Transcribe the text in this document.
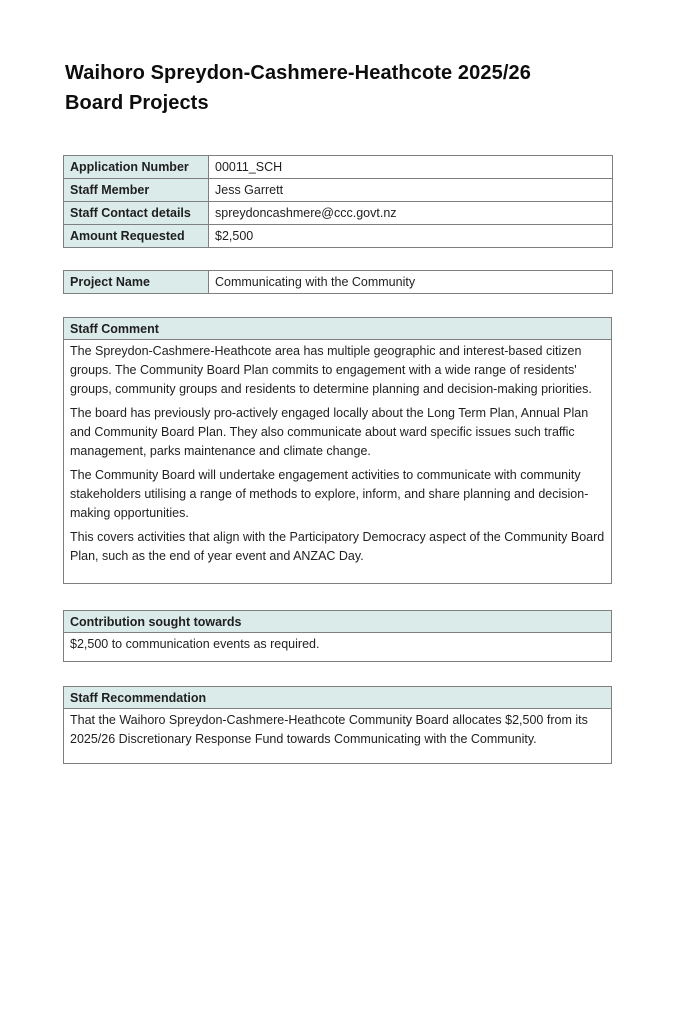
Waihoro Spreydon-Cashmere-Heathcote 2025/26 Board Projects
Application Number	00011_SCH
Staff Member	Jess Garrett
Staff Contact details	spreydoncashmere@ccc.govt.nz
Amount Requested	$2,500
Project Name	Communicating with the Community
Staff Comment

The Spreydon-Cashmere-Heathcote area has multiple geographic and interest-based citizen groups. The Community Board Plan commits to engagement with a wide range of residents' groups, community groups and residents to determine planning and decision-making priorities.

The board has previously pro-actively engaged locally about the Long Term Plan, Annual Plan and Community Board Plan. They also communicate about ward specific issues such traffic management, parks maintenance and climate change.

The Community Board will undertake engagement activities to communicate with community stakeholders utilising a range of methods to explore, inform, and share planning and decision-making opportunities.

This covers activities that align with the Participatory Democracy aspect of the Community Board Plan, such as the end of year event and ANZAC Day.

Contribution sought towards

$2,500 to communication events as required.

Staff Recommendation

That the Waihoro Spreydon-Cashmere-Heathcote Community Board allocates $2,500 from its 2025/26 Discretionary Response Fund towards Communicating with the Community.
